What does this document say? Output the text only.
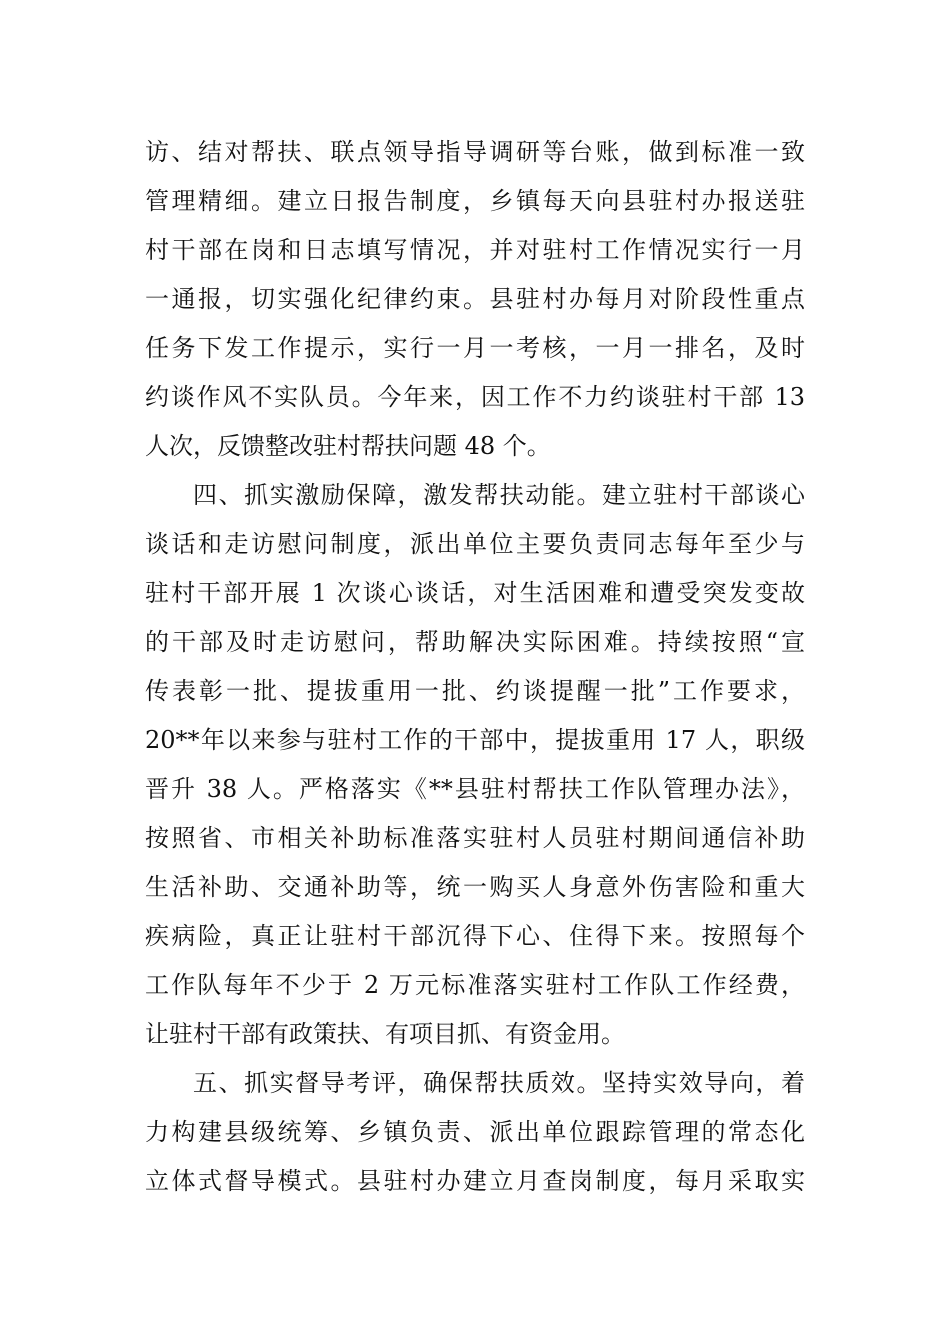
访、结对帮扶、联点领导指导调研等台账，做到标准一致
管理精细。建立日报告制度，乡镇每天向县驻村办报送驻
村干部在岗和日志填写情况，并对驻村工作情况实行一月
一通报，切实强化纪律约束。县驻村办每月对阶段性重点
任务下发工作提示，实行一月一考核，一月一排名，及时
约谈作风不实队员。今年来，因工作不力约谈驻村干部 13
人次，反馈整改驻村帮扶问题 48 个。
四、抓实激励保障，激发帮扶动能。建立驻村干部谈心
谈话和走访慰问制度，派出单位主要负责同志每年至少与
驻村干部开展 1 次谈心谈话，对生活困难和遭受突发变故
的干部及时走访慰问，帮助解决实际困难。持续按照“宣
传表彰一批、提拔重用一批、约谈提醒一批”工作要求，
20**年以来参与驻村工作的干部中，提拔重用 17 人，职级
晋升 38 人。严格落实《**县驻村帮扶工作队管理办法》，
按照省、市相关补助标准落实驻村人员驻村期间通信补助
生活补助、交通补助等，统一购买人身意外伤害险和重大
疾病险，真正让驻村干部沉得下心、住得下来。按照每个
工作队每年不少于 2 万元标准落实驻村工作队工作经费，
让驻村干部有政策扶、有项目抓、有资金用。
五、抓实督导考评，确保帮扶质效。坚持实效导向，着
力构建县级统筹、乡镇负责、派出单位跟踪管理的常态化
立体式督导模式。县驻村办建立月查岗制度，每月采取实
